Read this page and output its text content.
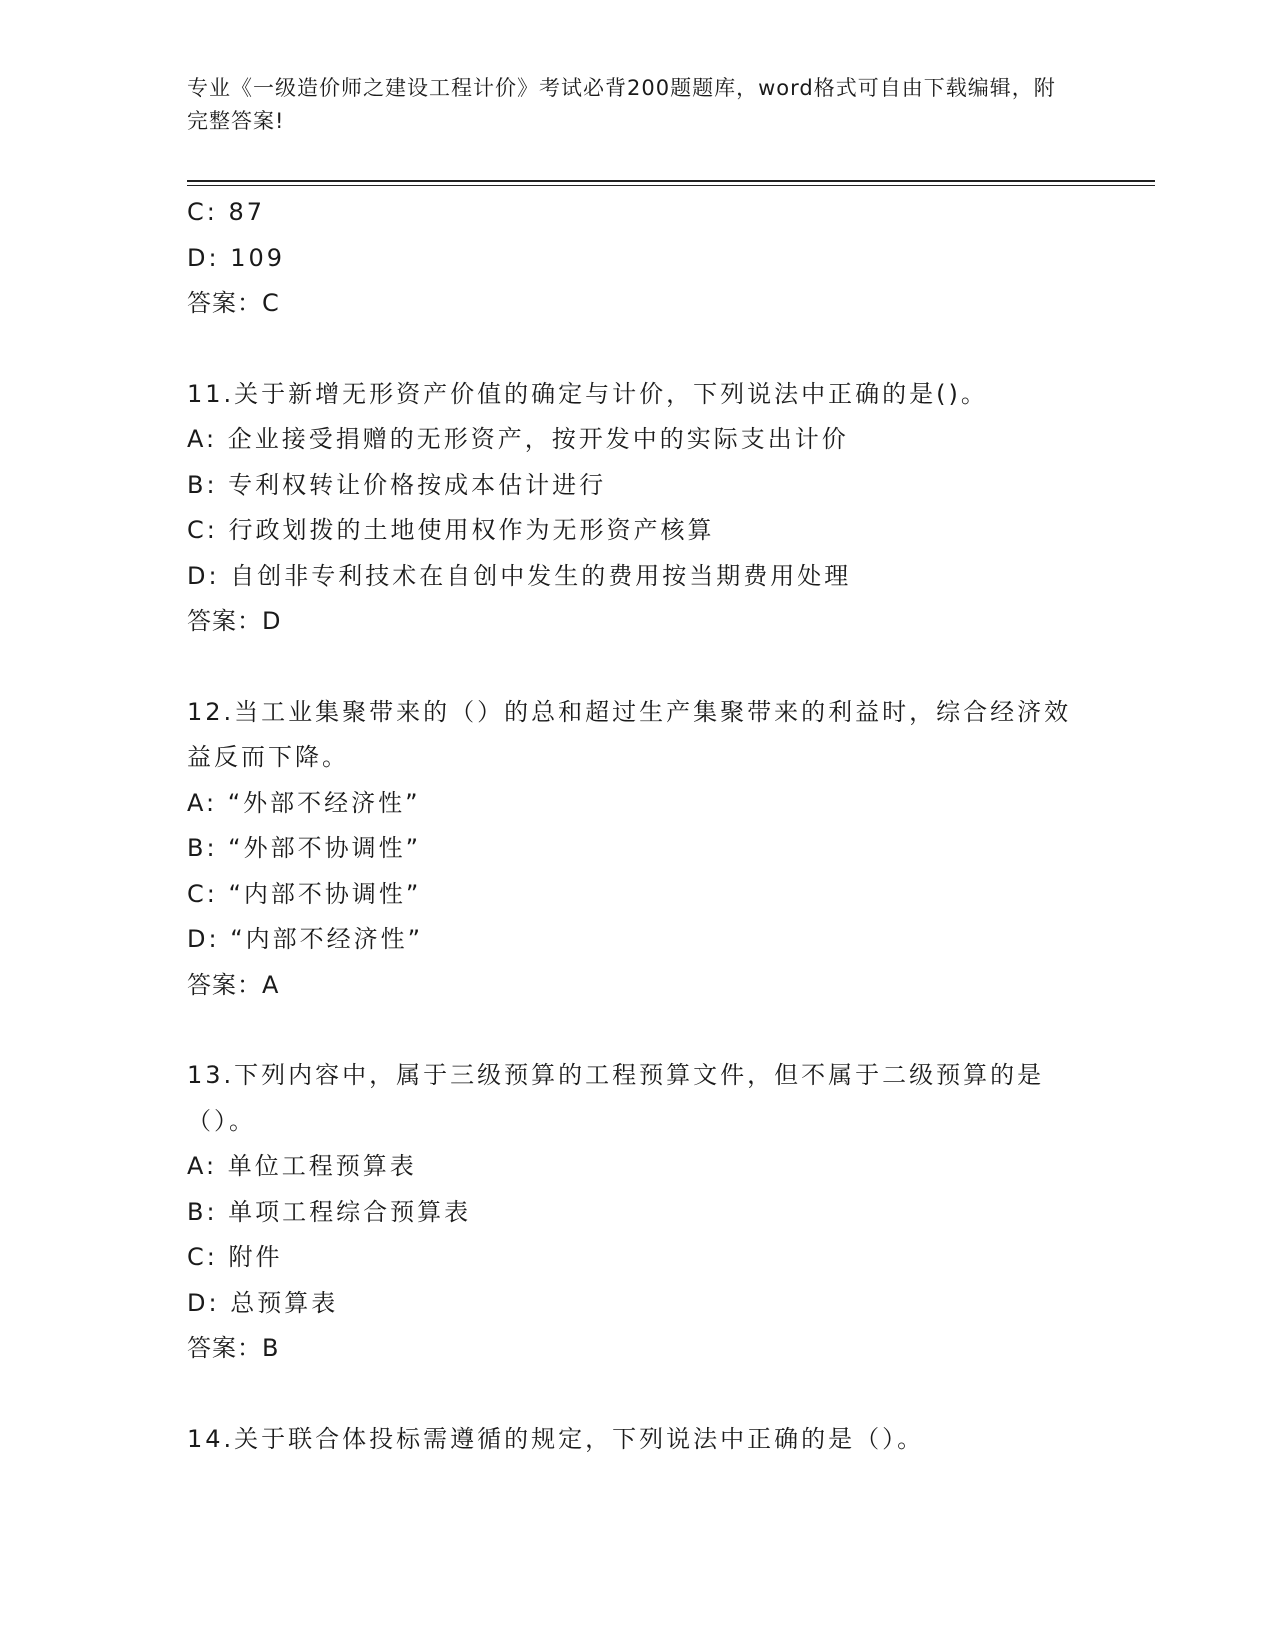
专业《一级造价师之建设工程计价》考试必背200题题库，word格式可自由下载编辑，附完整答案!
C: 87
D: 109
答案：C
11.关于新增无形资产价值的确定与计价，下列说法中正确的是()。
A: 企业接受捐赠的无形资产，按开发中的实际支出计价
B: 专利权转让价格按成本估计进行
C: 行政划拨的土地使用权作为无形资产核算
D: 自创非专利技术在自创中发生的费用按当期费用处理
答案：D
12.当工业集聚带来的（）的总和超过生产集聚带来的利益时，综合经济效益反而下降。
A: “外部不经济性”
B: “外部不协调性”
C: “内部不协调性”
D: “内部不经济性”
答案：A
13.下列内容中，属于三级预算的工程预算文件，但不属于二级预算的是（）。
A: 单位工程预算表
B: 单项工程综合预算表
C: 附件
D: 总预算表
答案：B
14.关于联合体投标需遵循的规定，下列说法中正确的是（）。
